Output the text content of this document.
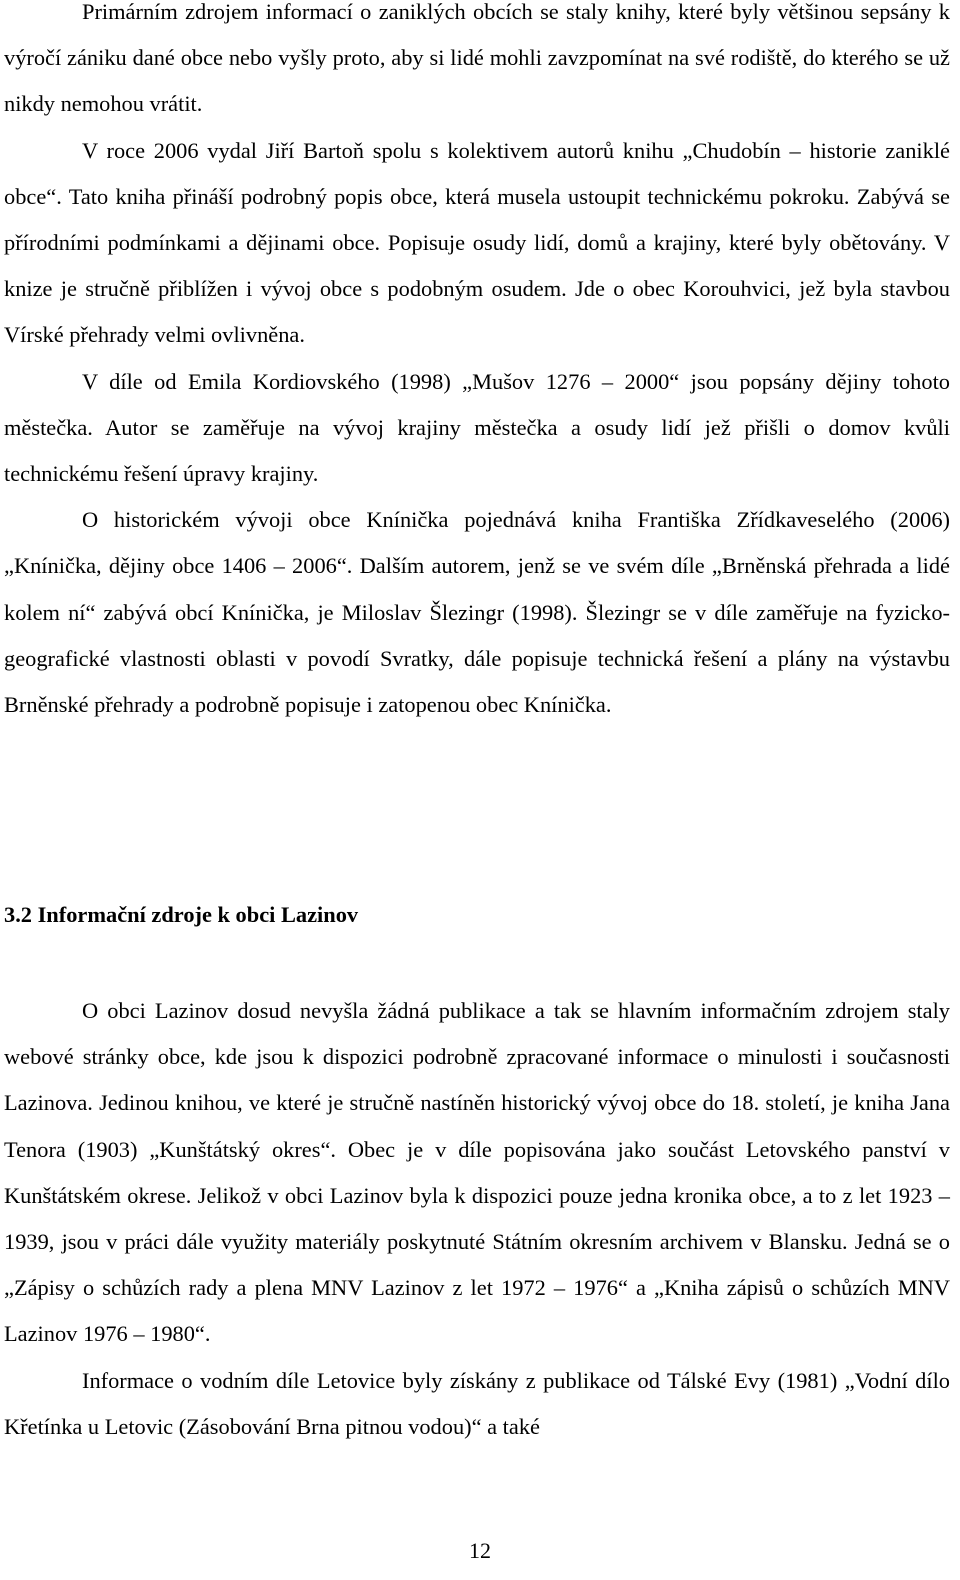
Primárním zdrojem informací o zaniklých obcích se staly knihy, které byly většinou sepsány k výročí zániku dané obce nebo vyšly proto, aby si lidé mohli zavzpomínat na své rodiště, do kterého se už nikdy nemohou vrátit.

V roce 2006 vydal Jiří Bartoň spolu s kolektivem autorů knihu „Chudobín – historie zaniklé obce“. Tato kniha přináší podrobný popis obce, která musela ustoupit technickému pokroku. Zabývá se přírodními podmínkami a dějinami obce. Popisuje osudy lidí, domů a krajiny, které byly obětovány. V knize je stručně přiblížen i vývoj obce s podobným osudem. Jde o obec Korouhvici, jež byla stavbou Vírské přehrady velmi ovlivněna.

V díle od Emila Kordiovského (1998) „Mušov 1276 – 2000“ jsou popsány dějiny tohoto městečka. Autor se zaměřuje na vývoj krajiny městečka a osudy lidí jež přišli o domov kvůli technickému řešení úpravy krajiny.

O historickém vývoji obce Knínička pojednává kniha Františka Zřídkaveselého (2006) „Knínička, dějiny obce 1406 – 2006“. Dalším autorem, jenž se ve svém díle „Brněnská přehrada a lidé kolem ní“ zabývá obcí Knínička, je Miloslav Šlezingr (1998). Šlezingr se v díle zaměřuje na fyzicko-geografické vlastnosti oblasti v povodí Svratky, dále popisuje technická řešení a plány na výstavbu Brněnské přehrady a podrobně popisuje i zatopenou obec Knínička.

3.2 Informační zdroje k obci Lazinov

O obci Lazinov dosud nevyšla žádná publikace a tak se hlavním informačním zdrojem staly webové stránky obce, kde jsou k dispozici podrobně zpracované informace o minulosti i současnosti Lazinova. Jedinou knihou, ve které je stručně nastíněn historický vývoj obce do 18. století, je kniha Jana Tenora (1903) „Kunštátský okres“. Obec je v díle popisována jako součást Letovského panství v Kunštátském okrese. Jelikož v obci Lazinov byla k dispozici pouze jedna kronika obce, a to z let 1923 – 1939, jsou v práci dále využity materiály poskytnuté Státním okresním archivem v Blansku. Jedná se o „Zápisy o schůzích rady a plena MNV Lazinov z let 1972 – 1976“ a „Kniha zápisů o schůzích MNV Lazinov 1976 – 1980“.

Informace o vodním díle Letovice byly získány z publikace od Tálské Evy (1981) „Vodní dílo Křetínka u Letovic (Zásobování Brna pitnou vodou)“ a také

12
